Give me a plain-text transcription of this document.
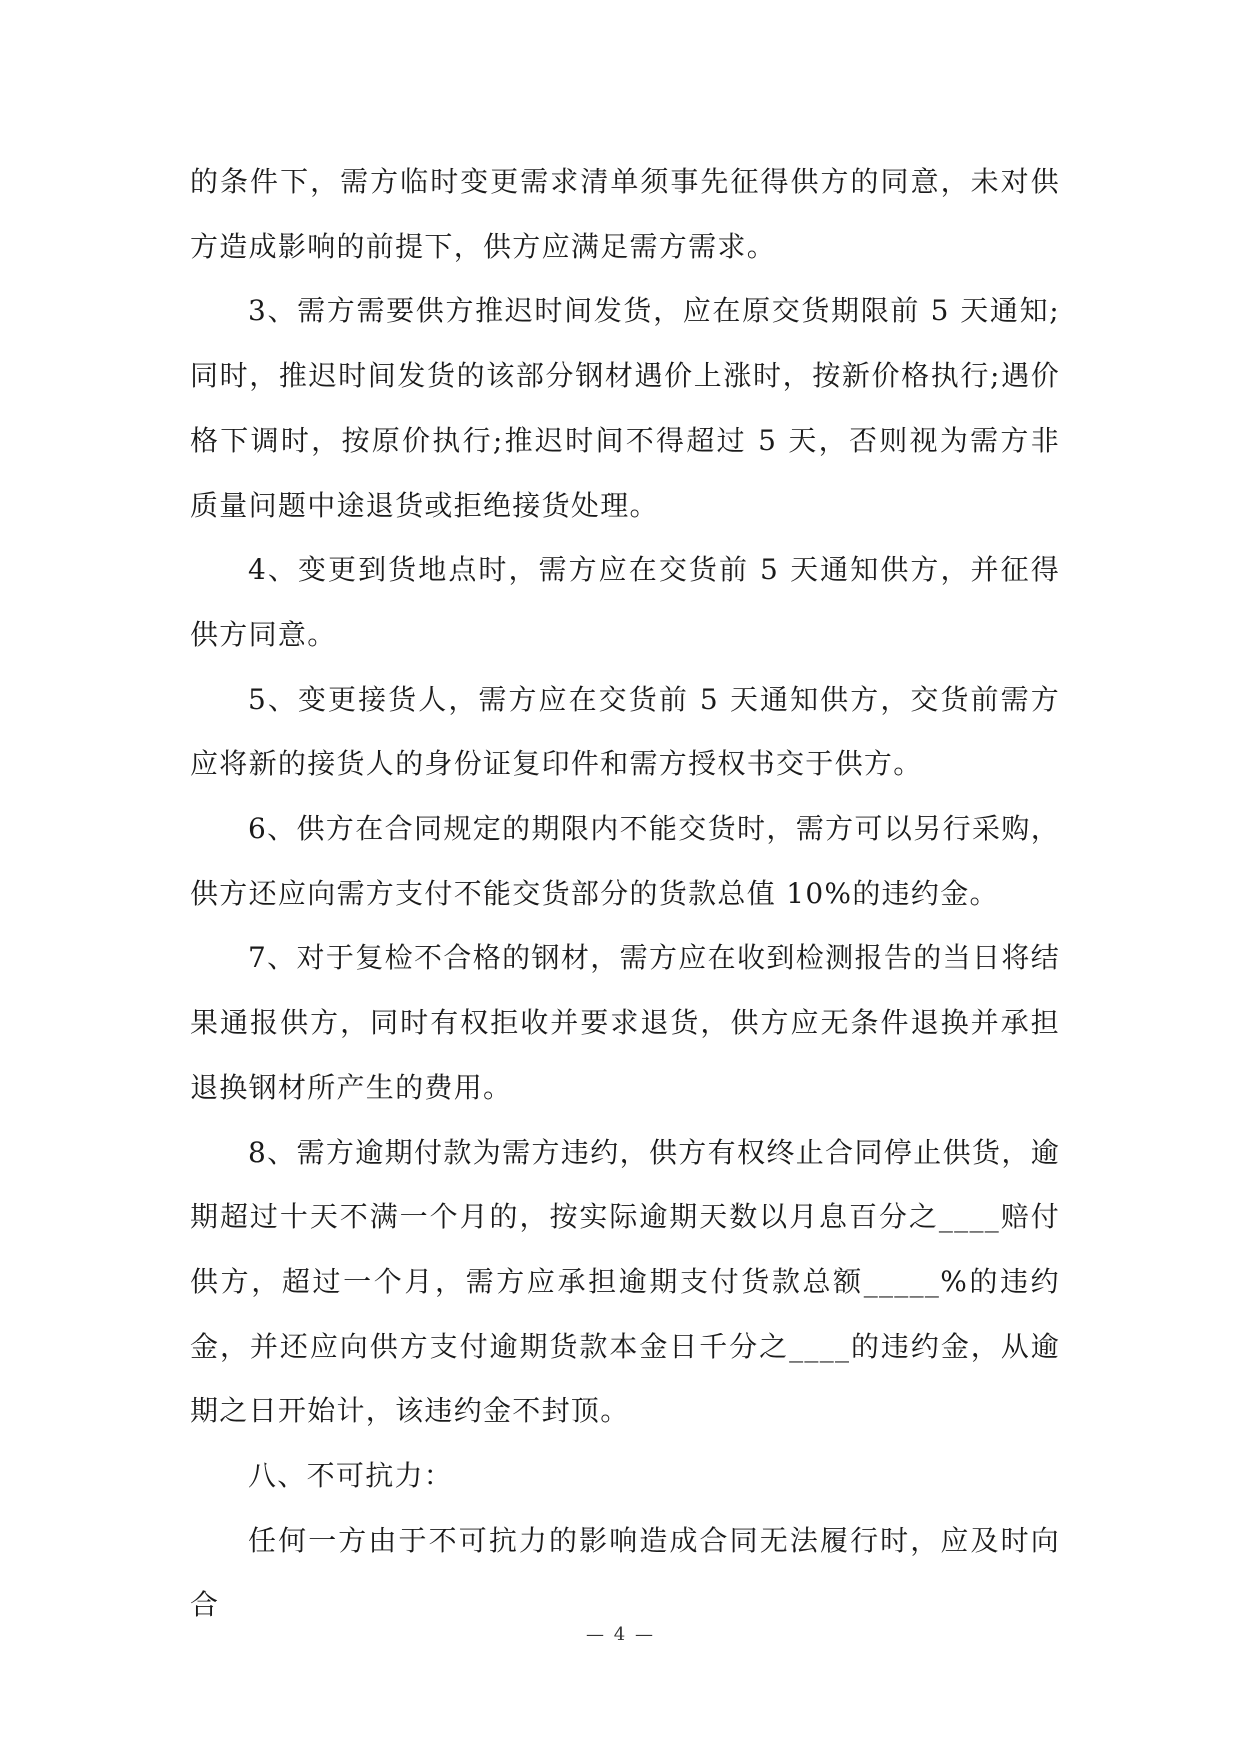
的条件下，需方临时变更需求清单须事先征得供方的同意，未对供方造成影响的前提下，供方应满足需方需求。

3、需方需要供方推迟时间发货，应在原交货期限前 5 天通知;同时，推迟时间发货的该部分钢材遇价上涨时，按新价格执行;遇价格下调时，按原价执行;推迟时间不得超过 5 天，否则视为需方非质量问题中途退货或拒绝接货处理。

4、变更到货地点时，需方应在交货前 5 天通知供方，并征得供方同意。

5、变更接货人，需方应在交货前 5 天通知供方，交货前需方应将新的接货人的身份证复印件和需方授权书交于供方。

6、供方在合同规定的期限内不能交货时，需方可以另行采购，供方还应向需方支付不能交货部分的货款总值 10%的违约金。

7、对于复检不合格的钢材，需方应在收到检测报告的当日将结果通报供方，同时有权拒收并要求退货，供方应无条件退换并承担退换钢材所产生的费用。

8、需方逾期付款为需方违约，供方有权终止合同停止供货，逾期超过十天不满一个月的，按实际逾期天数以月息百分之____赔付供方，超过一个月，需方应承担逾期支付货款总额_____%的违约金，并还应向供方支付逾期货款本金日千分之____的违约金，从逾期之日开始计，该违约金不封顶。

八、不可抗力：

任何一方由于不可抗力的影响造成合同无法履行时，应及时向合

— 4 —
